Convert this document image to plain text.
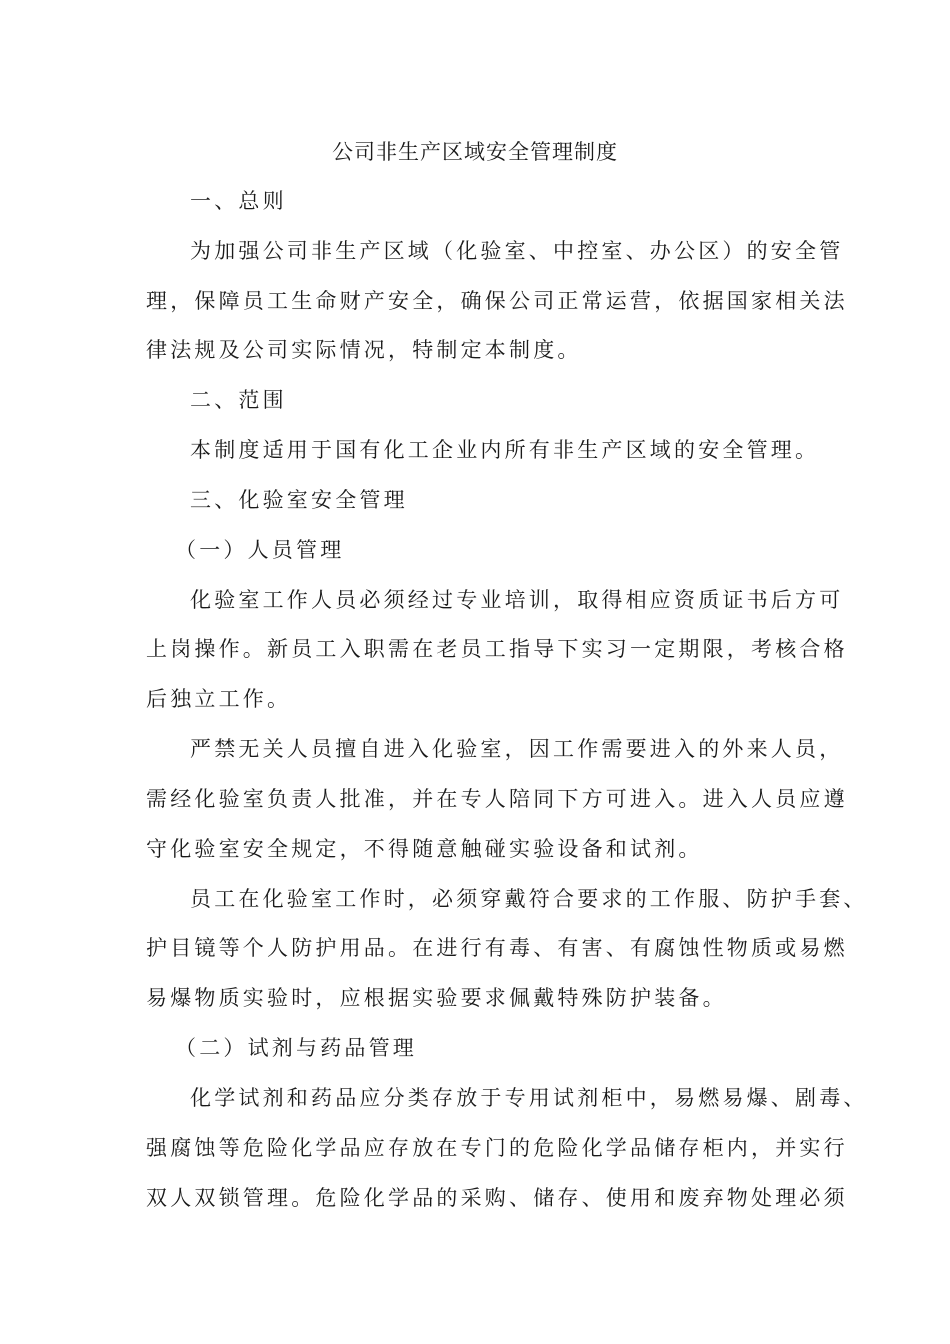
公司非生产区域安全管理制度
一、总则
为加强公司非生产区域（化验室、中控室、办公区）的安全管
理，保障员工生命财产安全，确保公司正常运营，依据国家相关法
律法规及公司实际情况，特制定本制度。
二、范围
本制度适用于国有化工企业内所有非生产区域的安全管理。
三、化验室安全管理
（一）人员管理
化验室工作人员必须经过专业培训，取得相应资质证书后方可
上岗操作。新员工入职需在老员工指导下实习一定期限，考核合格
后独立工作。
严禁无关人员擅自进入化验室，因工作需要进入的外来人员，
需经化验室负责人批准，并在专人陪同下方可进入。进入人员应遵
守化验室安全规定，不得随意触碰实验设备和试剂。
员工在化验室工作时，必须穿戴符合要求的工作服、防护手套、
护目镜等个人防护用品。在进行有毒、有害、有腐蚀性物质或易燃
易爆物质实验时，应根据实验要求佩戴特殊防护装备。
（二）试剂与药品管理
化学试剂和药品应分类存放于专用试剂柜中，易燃易爆、剧毒、
强腐蚀等危险化学品应存放在专门的危险化学品储存柜内，并实行
双人双锁管理。危险化学品的采购、储存、使用和废弃物处理必须
